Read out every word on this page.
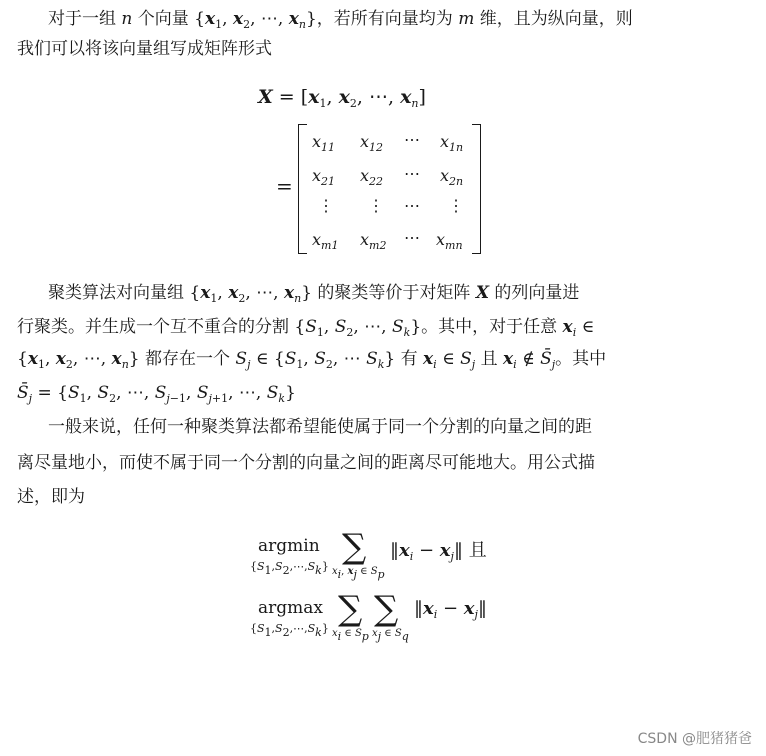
对于一组 n 个向量 {$x_1$, $x_2$, ⋯, $x_n$}，若所有向量均为 m 维，且为纵向量，则
我们可以将该向量组写成矩阵形式
$X = [x_1$, $x_2$, ⋯, $x_n$]
=
$x_{11}$ $x_{12}$ ⋯ $x_{1n}$
$x_{21}$ $x_{22}$ ⋯ $x_{2n}$
⋮ ⋮ ⋯ ⋮
$x_{m1}$ $x_{m2}$ ⋯ $x_{mn}$
聚类算法对向量组 {$x_1$, $x_2$, ⋯, $x_n$} 的聚类等价于对矩阵 X 的列向量进
行聚类。并生成一个互不重合的分割 {$S_1$, $S_2$, ⋯, $S_k$}。其中，对于任意 $x_i$ ∈
{$x_1$, $x_2$, ⋯, $x_n$} 都存在一个 $S_j$ ∈ {$S_1$, $S_2$, ⋯ $S_k$} 有 $x_i$ ∈ $S_j$ 且 $x_i$ ∉ $S̄_j$。其中
$S̄_j = \{S_1$, $S_2$, ⋯, $S_{j-1}$, $S_{j+1}$, ⋯, $S_k$}
一般来说，任何一种聚类算法都希望能使属于同一个分割的向量之间的距
离尽量地小，而使不属于同一个分割的向量之间的距离尽可能地大。用公式描
述，即为
argmin
$\{S_1,S_2,\cdots,S_k\}$ ∑
$x_i$, $x_j$ ∈ $S_p$
$‖x_i$ − $x_j‖$ 且
argmax
$\{S_1,S_2,\cdots,S_k\}$ ∑
$x_i$ ∈ $S_p$
∑
$x_j$ ∈ $S_q$
$‖x_i$ − $x_j‖$
CSDN @肥猪猪爸
